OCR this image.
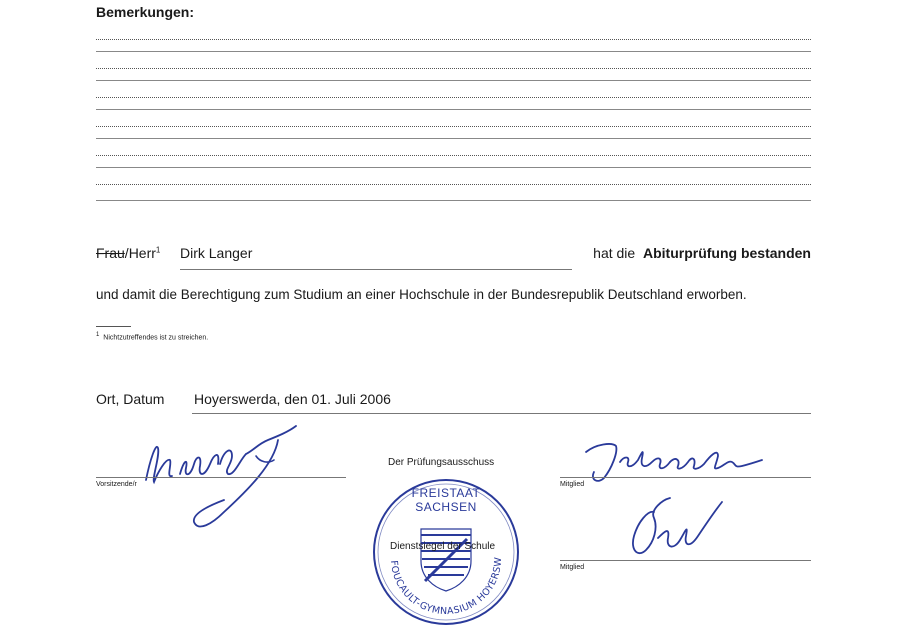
Bemerkungen:
Frau/Herr$^1$ Dirk Langer	hat die Abiturprüfung bestanden
und damit die Berechtigung zum Studium an einer Hochschule in der Bundesrepublik Deutschland erworben.
$^1$ Nichtzutreffendes ist zu streichen.
Ort, Datum Hoyerswerda, den 01. Juli 2006
Vorsitzende/r
Der Prüfungsausschuss
FOUCAULT-GYMNASIUM HOYERSW
FREISTAAT
SACHSEN
Dienstsiegel der Schule
Mitglied
Mitglied
